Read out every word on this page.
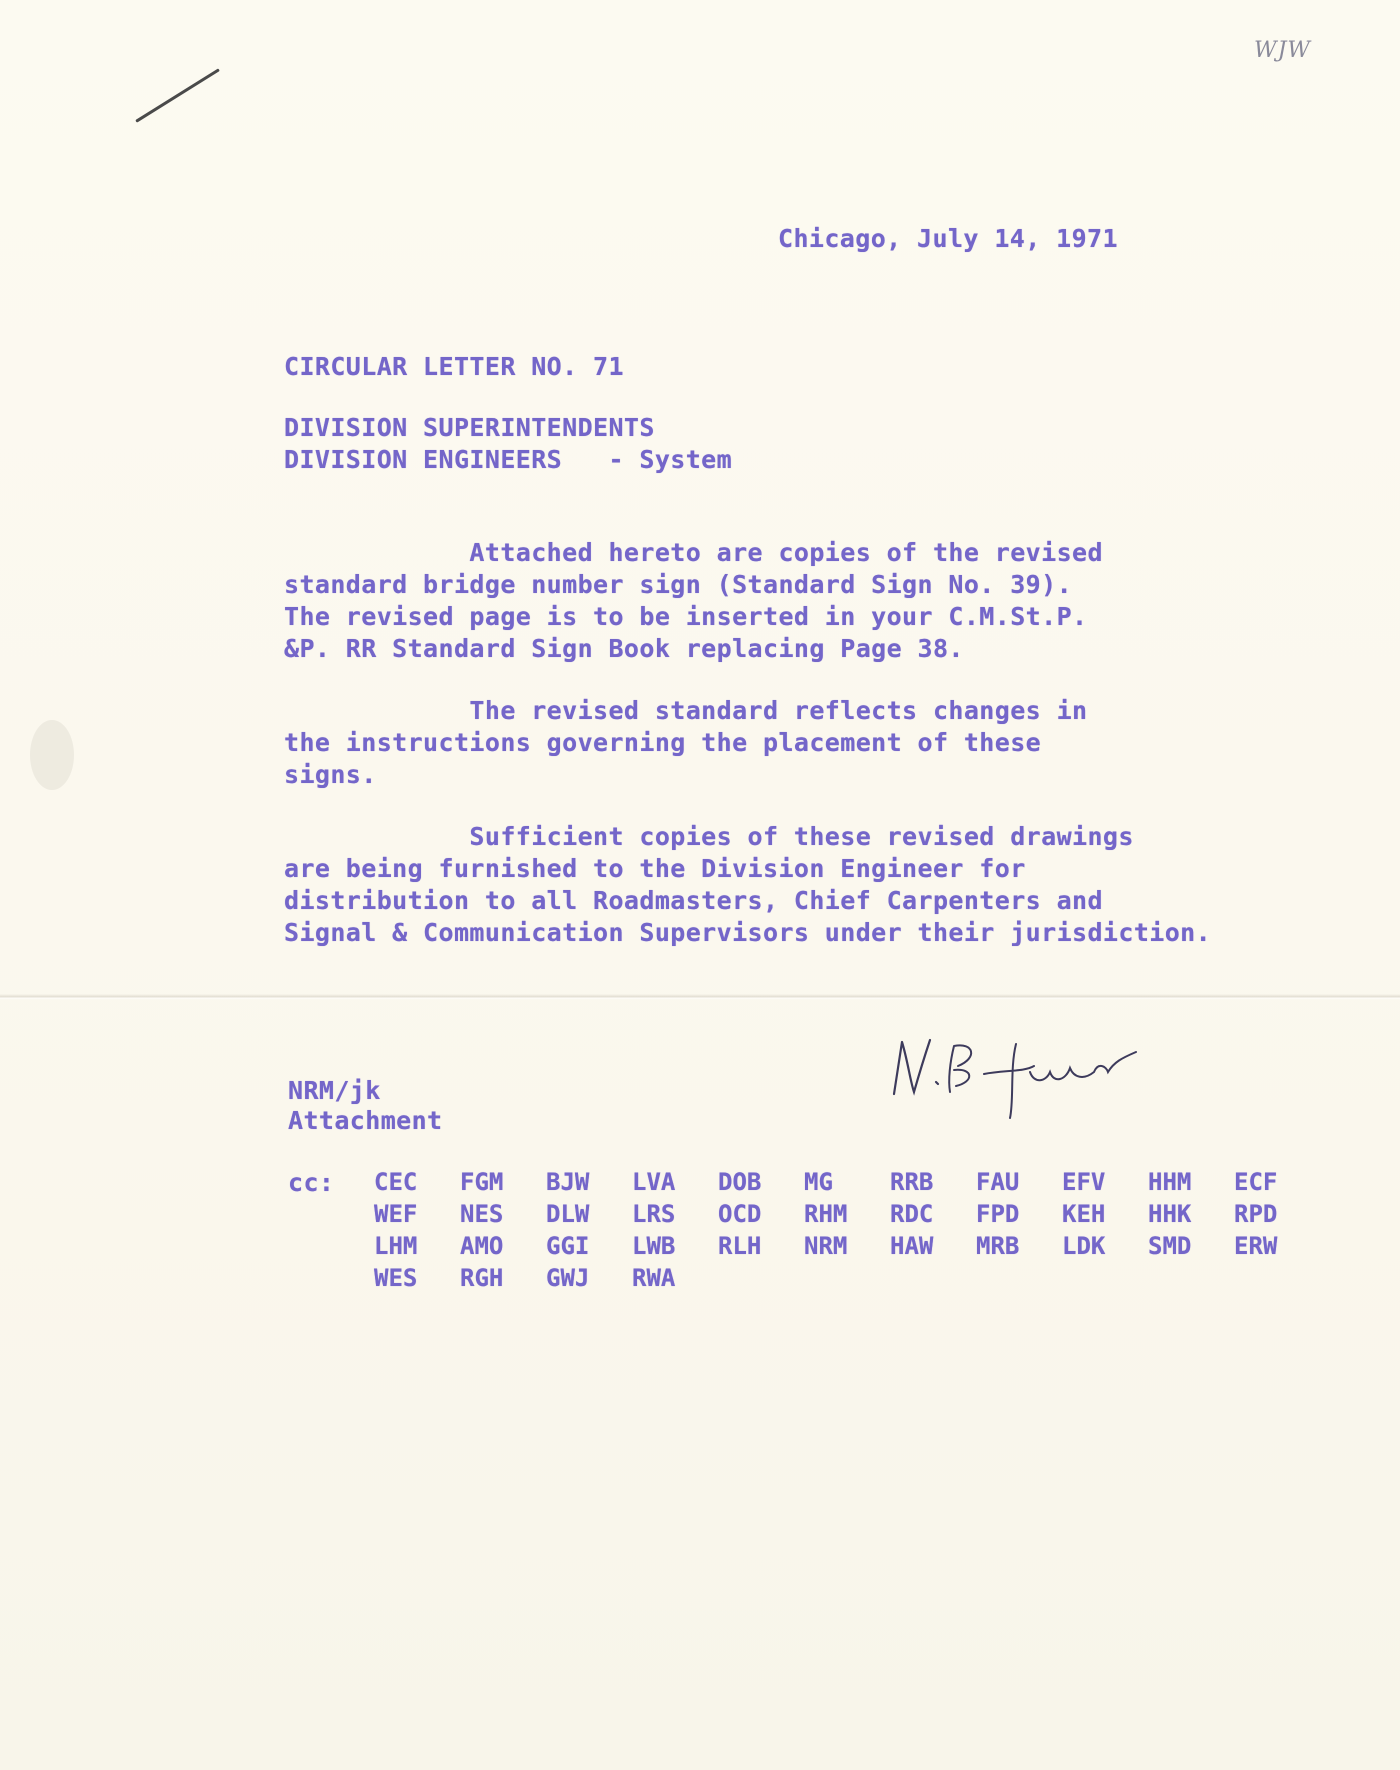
WJW
Chicago, July 14, 1971
CIRCULAR LETTER NO. 71
DIVISION SUPERINTENDENTS
DIVISION ENGINEERS   - System
Attached hereto are copies of the revised
standard bridge number sign (Standard Sign No. 39).
The revised page is to be inserted in your C.M.St.P.
&P. RR Standard Sign Book replacing Page 38.
The revised standard reflects changes in
the instructions governing the placement of these
signs.
Sufficient copies of these revised drawings
are being furnished to the Division Engineer for
distribution to all Roadmasters, Chief Carpenters and
Signal & Communication Supervisors under their jurisdiction.
NRM/jk
Attachment
cc: CEC	FGM	BJW	LVA	DOB	MG	RRB	FAU	EFV	HHM	ECF
WEF	NES	DLW	LRS	OCD	RHM	RDC	FPD	KEH	HHK	RPD
LHM	AMO	GGI	LWB	RLH	NRM	HAW	MRB	LDK	SMD	ERW
WES	RGH	GWJ	RWA
